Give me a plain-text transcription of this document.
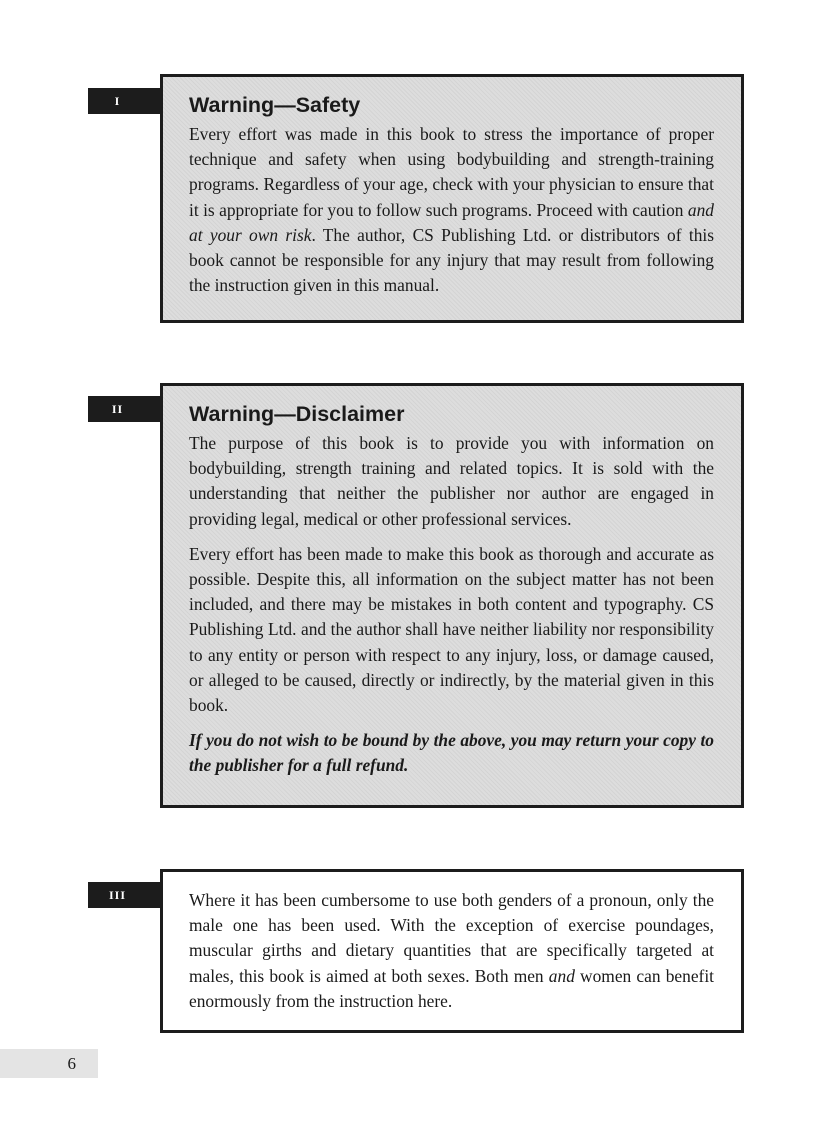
I	Warning—Safety

Every effort was made in this book to stress the importance of proper technique and safety when using bodybuilding and strength-training programs. Regardless of your age, check with your physician to ensure that it is appropriate for you to follow such programs. Proceed with caution and at your own risk. The author, CS Publishing Ltd. or distributors of this book cannot be responsible for any injury that may result from following the instruction given in this manual.

II	Warning—Disclaimer

The purpose of this book is to provide you with information on bodybuilding, strength training and related topics. It is sold with the understanding that neither the publisher nor author are engaged in providing legal, medical or other professional services.

Every effort has been made to make this book as thorough and accurate as possible. Despite this, all information on the subject matter has not been included, and there may be mistakes in both content and typography. CS Publishing Ltd. and the author shall have neither liability nor responsibility to any entity or person with respect to any injury, loss, or damage caused, or alleged to be caused, directly or indirectly, by the material given in this book.

If you do not wish to be bound by the above, you may return your copy to the publisher for a full refund.

III	Where it has been cumbersome to use both genders of a pronoun, only the male one has been used. With the exception of exercise poundages, muscular girths and dietary quantities that are specifically targeted at males, this book is aimed at both sexes. Both men and women can benefit enormously from the instruction here.

6
